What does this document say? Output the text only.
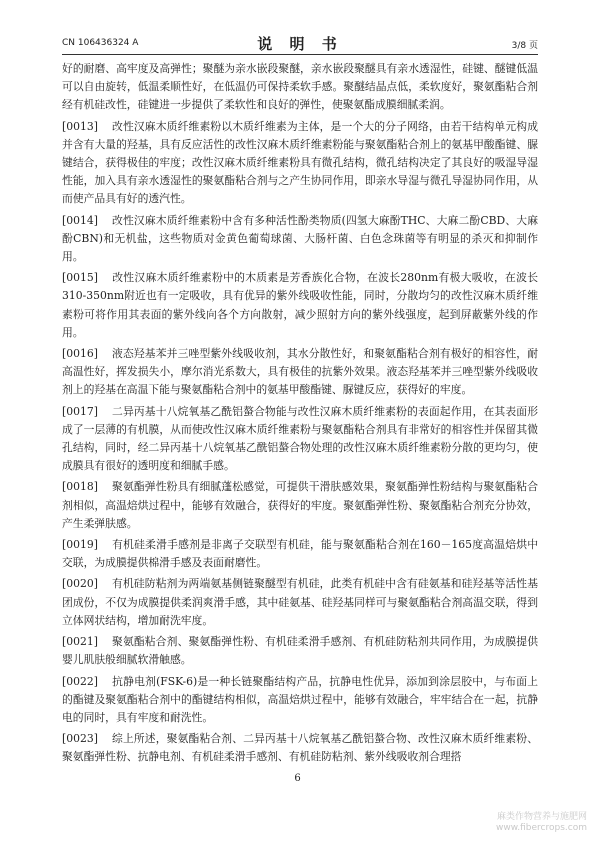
CN 106436324 A	说 明 书	3/8 页

好的耐磨、高牢度及高弹性；聚醚为亲水嵌段聚醚，亲水嵌段聚醚具有亲水透湿性，硅键、醚键低温可以自由旋转，低温柔顺性好，在低温仍可保持柔软手感。聚醚结晶点低，柔软度好，聚氨酯粘合剂经有机硅改性，硅键进一步提供了柔软性和良好的弹性，使聚氨酯成膜细腻柔润。

[0013] 改性汉麻木质纤维素粉以木质纤维素为主体，是一个大的分子网络，由若干结构单元构成并含有大量的羟基，具有反应活性的改性汉麻木质纤维素粉能与聚氨酯粘合剂上的氨基甲酸酯键、脲键结合，获得极佳的牢度；改性汉麻木质纤维素粉具有微孔结构，微孔结构决定了其良好的吸湿导湿性能，加入具有亲水透湿性的聚氨酯粘合剂与之产生协同作用，即亲水导湿与微孔导湿协同作用，从而使产品具有好的透汽性。

[0014] 改性汉麻木质纤维素粉中含有多种活性酚类物质(四氢大麻酚THC、大麻二酚CBD、大麻酚CBN)和无机盐，这些物质对金黄色葡萄球菌、大肠杆菌、白色念珠菌等有明显的杀灭和抑制作用。

[0015] 改性汉麻木质纤维素粉中的木质素是芳香族化合物，在波长280nm有极大吸收，在波长310-350nm附近也有一定吸收，具有优异的紫外线吸收性能，同时，分散均匀的改性汉麻木质纤维素粉可将作用其表面的紫外线向各个方向散射，减少照射方向的紫外线强度，起到屏蔽紫外线的作用。

[0016] 液态羟基苯并三唑型紫外线吸收剂，其水分散性好，和聚氨酯粘合剂有极好的相容性，耐高温性好，挥发损失小，摩尔消光系数大，具有极佳的抗紫外效果。液态羟基苯并三唑型紫外线吸收剂上的羟基在高温下能与聚氨酯粘合剂中的氨基甲酸酯键、脲键反应，获得好的牢度。

[0017] 二异丙基十八烷氧基乙酰铝螯合物能与改性汉麻木质纤维素粉的表面起作用，在其表面形成了一层薄的有机膜，从而使改性汉麻木质纤维素粉与聚氨酯粘合剂具有非常好的相容性并保留其微孔结构，同时，经二异丙基十八烷氧基乙酰铝螯合物处理的改性汉麻木质纤维素粉分散的更均匀，使成膜具有很好的透明度和细腻手感。

[0018] 聚氨酯弹性粉具有细腻蓬松感觉，可提供干滑肤感效果，聚氨酯弹性粉结构与聚氨酯粘合剂相似，高温焙烘过程中，能够有效融合，获得好的牢度。聚氨酯弹性粉、聚氨酯粘合剂充分协效，产生柔弹肤感。

[0019] 有机硅柔滑手感剂是非离子交联型有机硅，能与聚氨酯粘合剂在160－165度高温焙烘中交联，为成膜提供棉滑手感及表面耐磨性。

[0020] 有机硅防粘剂为两端氨基侧链聚醚型有机硅，此类有机硅中含有硅氨基和硅羟基等活性基团成份，不仅为成膜提供柔润爽滑手感，其中硅氨基、硅羟基同样可与聚氨酯粘合剂高温交联，得到立体网状结构，增加耐洗牢度。

[0021] 聚氨酯粘合剂、聚氨酯弹性粉、有机硅柔滑手感剂、有机硅防粘剂共同作用，为成膜提供婴儿肌肤般细腻软滑触感。

[0022] 抗静电剂(FSK-6)是一种长链聚酯结构产品，抗静电性优异，添加到涂层胶中，与布面上的酯键及聚氨酯粘合剂中的酯键结构相似，高温焙烘过程中，能够有效融合，牢牢结合在一起，抗静电的同时，具有牢度和耐洗性。

[0023] 综上所述，聚氨酯粘合剂、二异丙基十八烷氧基乙酰铝螯合物、改性汉麻木质纤维素粉、聚氨酯弹性粉、抗静电剂、有机硅柔滑手感剂、有机硅防粘剂、紫外线吸收剂合理搭

6
麻类作物营养与施肥网
www.fibercrops.com
